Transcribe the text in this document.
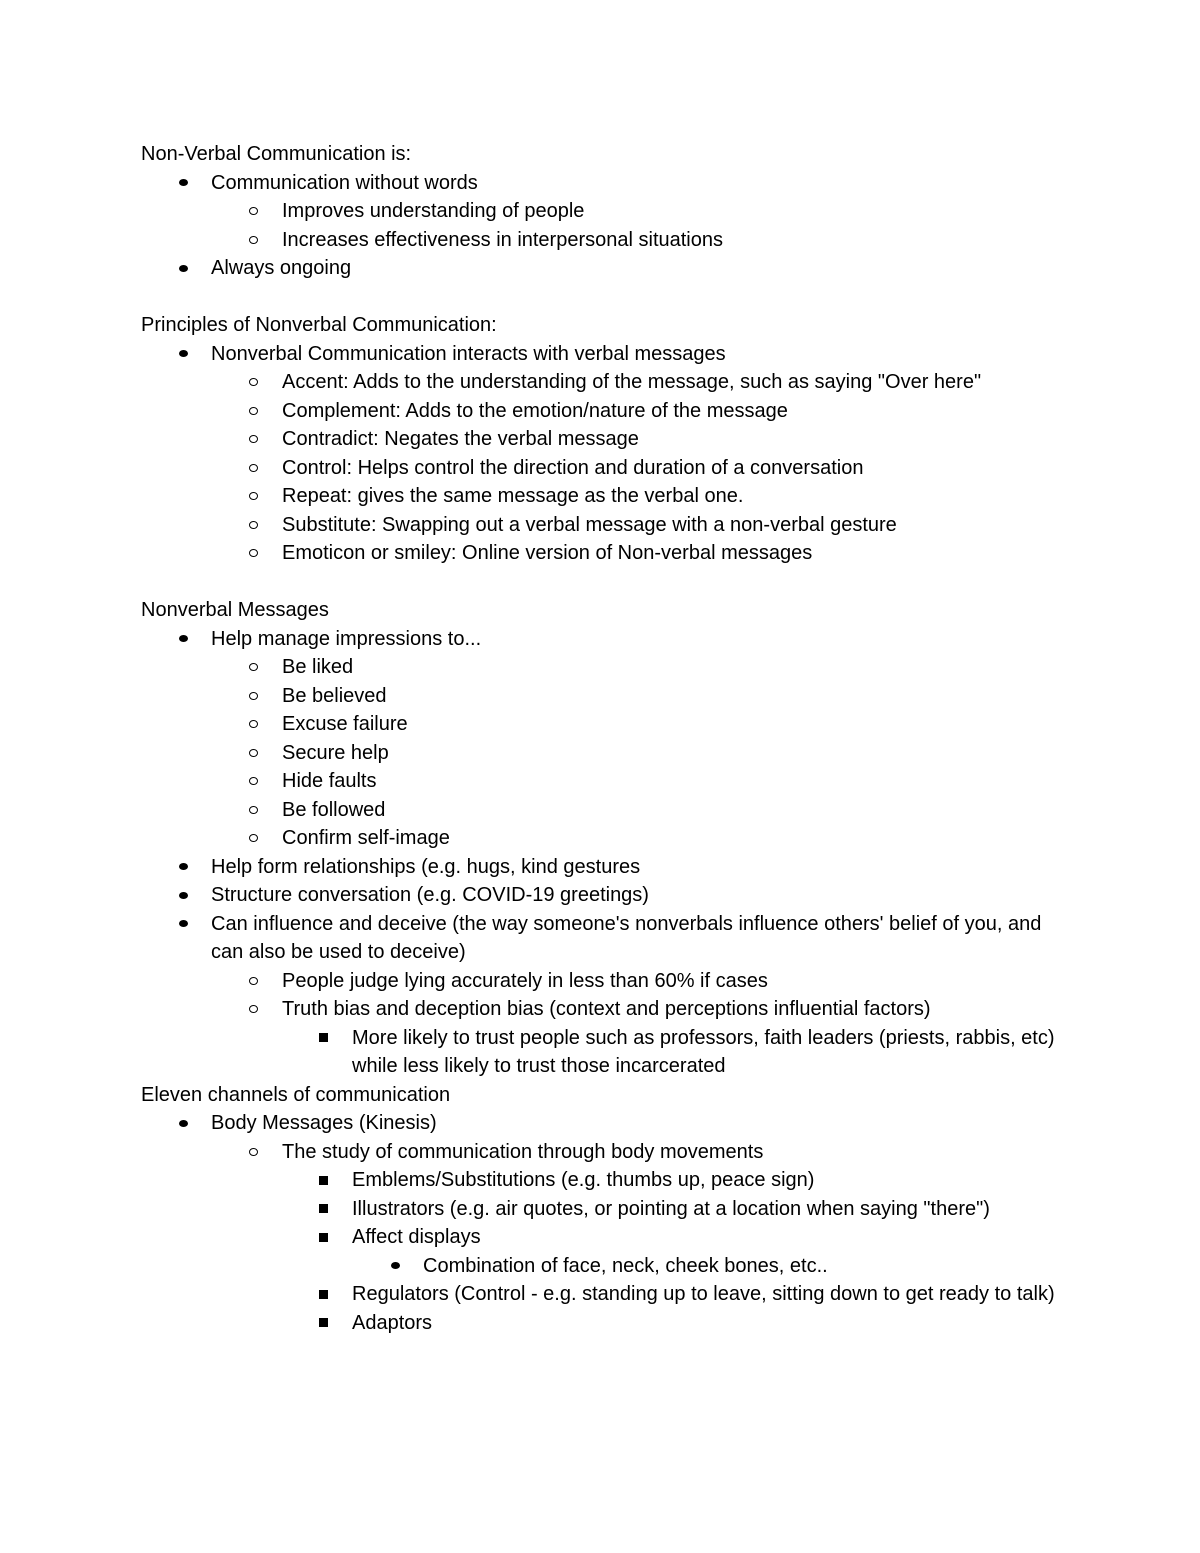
Non-Verbal Communication is:
Communication without words
Improves understanding of people
Increases effectiveness in interpersonal situations
Always ongoing
Principles of Nonverbal Communication:
Nonverbal Communication interacts with verbal messages
Accent: Adds to the understanding of the message, such as saying "Over here"
Complement: Adds to the emotion/nature of the message
Contradict: Negates the verbal message
Control: Helps control the direction and duration of a conversation
Repeat: gives the same message as the verbal one.
Substitute: Swapping out a verbal message with a non-verbal gesture
Emoticon or smiley: Online version of Non-verbal messages
Nonverbal Messages
Help manage impressions to...
Be liked
Be believed
Excuse failure
Secure help
Hide faults
Be followed
Confirm self-image
Help form relationships (e.g. hugs, kind gestures
Structure conversation (e.g. COVID-19 greetings)
Can influence and deceive (the way someone's nonverbals influence others' belief of you, and can also be used to deceive)
People judge lying accurately in less than 60% if cases
Truth bias and deception bias (context and perceptions influential factors)
More likely to trust people such as professors, faith leaders (priests, rabbis, etc) while less likely to trust those incarcerated
Eleven channels of communication
Body Messages (Kinesis)
The study of communication through body movements
Emblems/Substitutions (e.g. thumbs up, peace sign)
Illustrators (e.g. air quotes, or pointing at a location when saying "there")
Affect displays
Combination of face, neck, cheek bones, etc..
Regulators (Control - e.g. standing up to leave, sitting down to get ready to talk)
Adaptors
